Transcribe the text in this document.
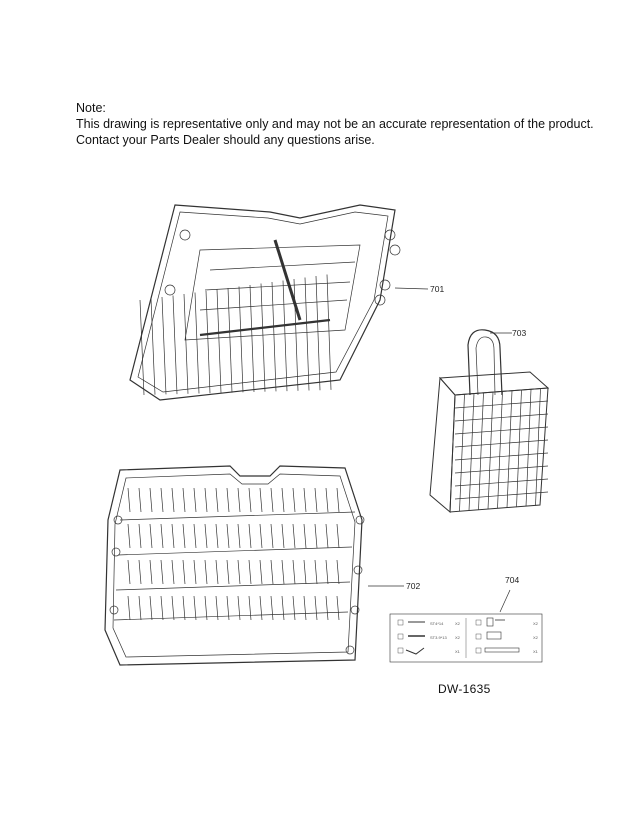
Note:
This drawing is representative only and may not be an accurate representation of the product.
Contact your Parts Dealer should any questions arise.
701
703
702
704
ST4*14	X2
ST3.9*13 X2
X1
X2
X2
X1
DW-1635
